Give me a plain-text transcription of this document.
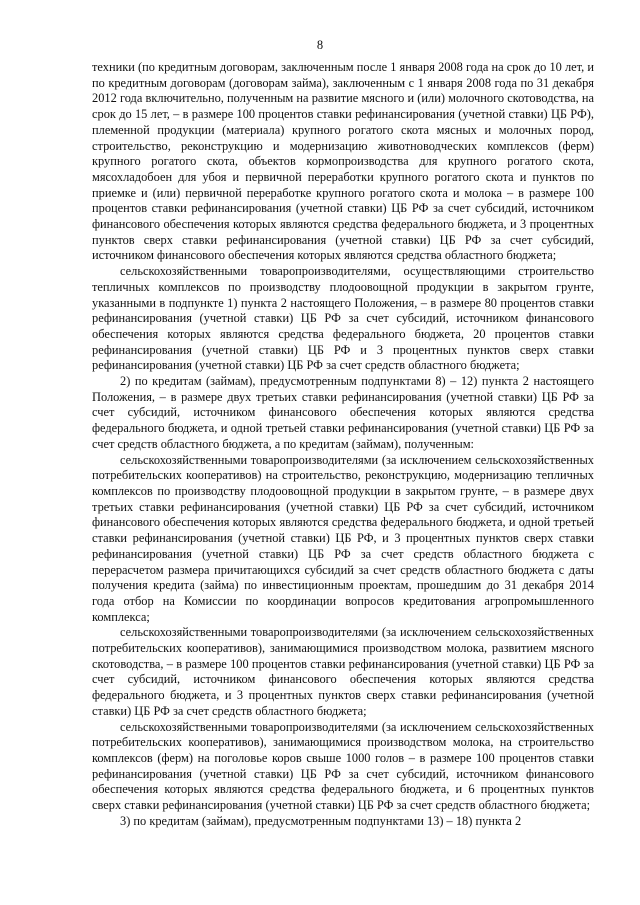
8

техники (по кредитным договорам, заключенным после 1 января 2008 года на срок до 10 лет, и по кредитным договорам (договорам займа), заключенным с 1 января 2008 года по 31 декабря 2012 года включительно, полученным на развитие мясного и (или) молочного скотоводства, на срок до 15 лет, – в размере 100 процентов ставки рефинансирования (учетной ставки) ЦБ РФ), племенной продукции (материала) крупного рогатого скота мясных и молочных пород, строительство, реконструкцию и модернизацию животноводческих комплексов (ферм) крупного рогатого скота, объектов кормопроизводства для крупного рогатого скота, мясохладобоен для убоя и первичной переработки крупного рогатого скота и пунктов по приемке и (или) первичной переработке крупного рогатого скота и молока – в размере 100 процентов ставки рефинансирования (учетной ставки) ЦБ РФ за счет субсидий, источником финансового обеспечения которых являются средства федерального бюджета, и 3 процентных пунктов сверх ставки рефинансирования (учетной ставки) ЦБ РФ за счет субсидий, источником финансового обеспечения которых являются средства областного бюджета;

сельскохозяйственными товаропроизводителями, осуществляющими строительство тепличных комплексов по производству плодоовощной продукции в закрытом грунте, указанными в подпункте 1) пункта 2 настоящего Положения, – в размере 80 процентов ставки рефинансирования (учетной ставки) ЦБ РФ за счет субсидий, источником финансового обеспечения которых являются средства федерального бюджета, 20 процентов ставки рефинансирования (учетной ставки) ЦБ РФ и 3 процентных пунктов сверх ставки рефинансирования (учетной ставки) ЦБ РФ за счет средств областного бюджета;

2) по кредитам (займам), предусмотренным подпунктами 8) – 12) пункта 2 настоящего Положения, – в размере двух третьих ставки рефинансирования (учетной ставки) ЦБ РФ за счет субсидий, источником финансового обеспечения которых являются средства федерального бюджета, и одной третьей ставки рефинансирования (учетной ставки) ЦБ РФ за счет средств областного бюджета, а по кредитам (займам), полученным:

сельскохозяйственными товаропроизводителями (за исключением сельскохозяйственных потребительских кооперативов) на строительство, реконструкцию, модернизацию тепличных комплексов по производству плодоовощной продукции в закрытом грунте, – в размере двух третьих ставки рефинансирования (учетной ставки) ЦБ РФ за счет субсидий, источником финансового обеспечения которых являются средства федерального бюджета, и одной третьей ставки рефинансирования (учетной ставки) ЦБ РФ, и 3 процентных пунктов сверх ставки рефинансирования (учетной ставки) ЦБ РФ за счет средств областного бюджета с перерасчетом размера причитающихся субсидий за счет средств областного бюджета с даты получения кредита (займа) по инвестиционным проектам, прошедшим до 31 декабря 2014 года отбор на Комиссии по координации вопросов кредитования агропромышленного комплекса;

сельскохозяйственными товаропроизводителями (за исключением сельскохозяйственных потребительских кооперативов), занимающимися производством молока, развитием мясного скотоводства, – в размере 100 процентов ставки рефинансирования (учетной ставки) ЦБ РФ за счет субсидий, источником финансового обеспечения которых являются средства федерального бюджета, и 3 процентных пунктов сверх ставки рефинансирования (учетной ставки) ЦБ РФ за счет средств областного бюджета;

сельскохозяйственными товаропроизводителями (за исключением сельскохозяйственных потребительских кооперативов), занимающимися производством молока, на строительство комплексов (ферм) на поголовье коров свыше 1000 голов – в размере 100 процентов ставки рефинансирования (учетной ставки) ЦБ РФ за счет субсидий, источником финансового обеспечения которых являются средства федерального бюджета, и 6 процентных пунктов сверх ставки рефинансирования (учетной ставки) ЦБ РФ за счет средств областного бюджета;

3) по кредитам (займам), предусмотренным подпунктами 13) – 18) пункта 2
